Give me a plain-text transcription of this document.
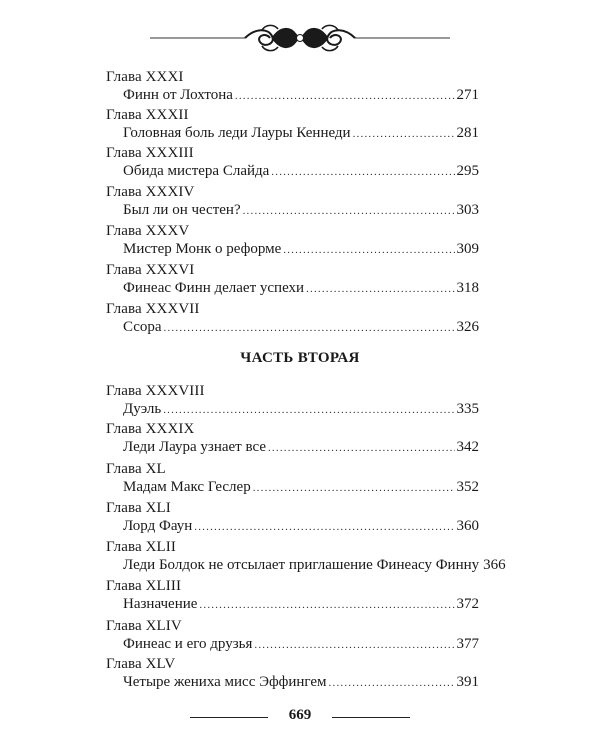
Глава XXXI
Финн от Лохтона .....	271
Глава XXXII
Головная боль леди Лауры Кеннеди .....	281
Глава XXXIII
Обида мистера Слайда .....	295
Глава XXXIV
Был ли он честен? .....	303
Глава XXXV
Мистер Монк о реформе .....	309
Глава XXXVI
Финеас Финн делает успехи .....	318
Глава XXXVII
Ссора .....	326
ЧАСТЬ ВТОРАЯ
Глава XXXVIII
Дуэль .....	335
Глава XXXIX
Леди Лаура узнает все .....	342
Глава XL
Мадам Макс Геслер .....	352
Глава XLI
Лорд Фаун .....	360
Глава XLII
Леди Болдок не отсылает приглашение Финеасу Финну 366
Глава XLIII
Назначение .....	372
Глава XLIV
Финеас и его друзья .....	377
Глава XLV
Четыре жениха мисс Эффингем .....	391
669
